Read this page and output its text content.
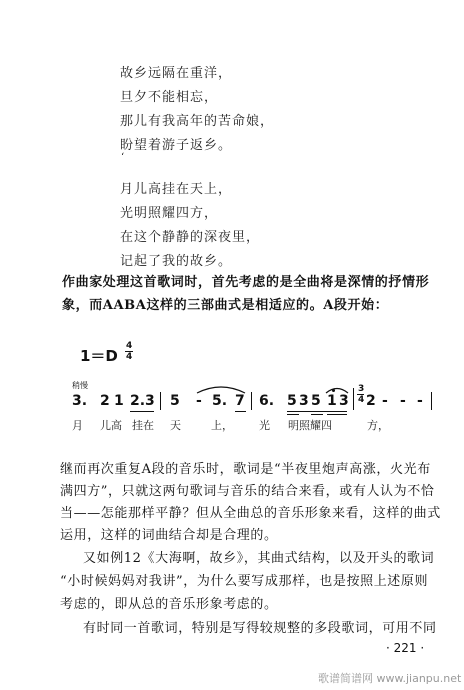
故乡远隔在重洋，
旦夕不能相忘，
那儿有我高年的苦命娘，
盼望着游子返乡。
‘
月儿高挂在天上，
光明照耀四方，
在这个静静的深夜里，
记起了我的故乡。
作曲家处理这首歌词时，首先考虑的是全曲将是深情的抒情形
象，而AABA这样的三部曲式是相适应的。A段开始：
1＝D
4
4
稍慢
3. 2 1 2. 3 5 - 5. 7 6. 5 3 5 1 3
3
4 2 - - -
月 儿高 挂在 天	上， 光 明照耀四	方，
继而再次重复A段的音乐时，歌词是“半夜里炮声高涨，火光布
满四方”，只就这两句歌词与音乐的结合来看，或有人认为不恰
当——怎能那样平静？但从全曲总的音乐形象来看，这样的曲式
运用，这样的词曲结合却是合理的。
又如例12《大海啊，故乡》，其曲式结构，以及开头的歌词
“小时候妈妈对我讲”，为什么要写成那样，也是按照上述原则
考虑的，即从总的音乐形象考虑的。
有时同一首歌词，特别是写得较规整的多段歌词，可用不同
· 221 ·
歌谱简谱网 www.jianpu.net
